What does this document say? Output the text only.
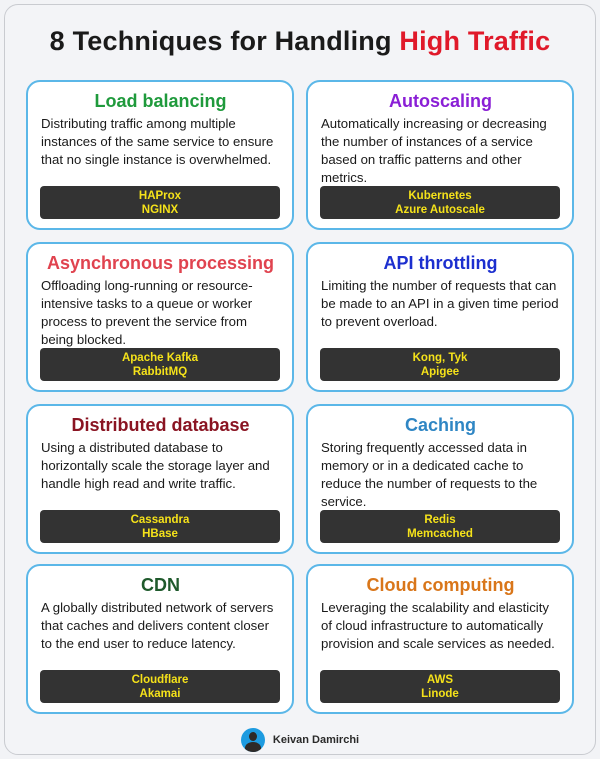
8 Techniques for Handling High Traffic
Load balancing

Distributing traffic among multiple instances of the same service to ensure that no single instance is overwhelmed.

HAProx
NGINX
Autoscaling

Automatically increasing or decreasing the number of instances of a service based on traffic patterns and other metrics.

Kubernetes
Azure Autoscale
Asynchronous processing

Offloading long-running or resource-intensive tasks to a queue or worker process to prevent the service from being blocked.

Apache Kafka
RabbitMQ
API throttling

Limiting the number of requests that can be made to an API in a given time period to prevent overload.

Kong, Tyk
Apigee
Distributed database

Using a distributed database to horizontally scale the storage layer and handle high read and write traffic.

Cassandra
HBase
Caching

Storing frequently accessed data in memory or in a dedicated cache to reduce the number of requests to the service.

Redis
Memcached
CDN

A globally distributed network of servers that caches and delivers content closer to the end user to reduce latency.

Cloudflare
Akamai
Cloud computing

Leveraging the scalability and elasticity of cloud infrastructure to automatically provision and scale services as needed.

AWS
Linode
Keivan Damirchi
